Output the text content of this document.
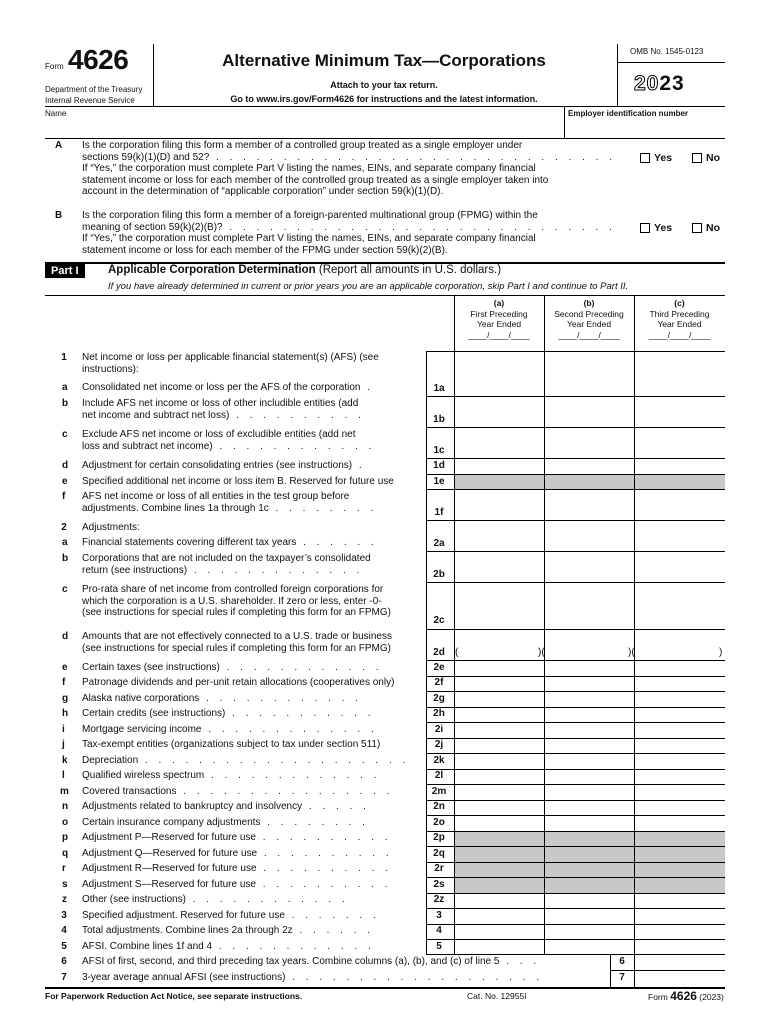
Form 4626
Department of the Treasury
Internal Revenue Service
Alternative Minimum Tax—Corporations
Attach to your tax return.
Go to www.irs.gov/Form4626 for instructions and the latest information.
OMB No. 1545-0123
2023
Name	Employer identification number
A	Is the corporation filing this form a member of a controlled group treated as a single employer under
sections 59(k)(1)(D) and 52? . . . . . . . . . . . . . . . . . . . . . . . . . . . . . .
If “Yes,” the corporation must complete Part V listing the names, EINs, and separate company financial
statement income or loss for each member of the controlled group treated as a single employer taken into
account in the determination of “applicable corporation” under section 59(k)(1)(D).
Yes	No
B	Is the corporation filing this form a member of a foreign-parented multinational group (FPMG) within the
meaning of section 59(k)(2)(B)? . . . . . . . . . . . . . . . . . . . . . . . . . . . . .
If “Yes,” the corporation must complete Part V listing the names, EINs, and separate company financial
statement income or loss for each member of the FPMG under section 59(k)(2)(B).
Yes	No
Part I	Applicable Corporation Determination (Report all amounts in U.S. dollars.)
If you have already determined in current or prior years you are an applicable corporation, skip Part I and continue to Part II.
(a)
First Preceding
Year Ended
____/____/____
(b)
Second Preceding
Year Ended
____/____/____
(c)
Third Preceding
Year Ended
____/____/____
(	)(	)(	)
1	Net income or loss per applicable financial statement(s) (AFS) (see
instructions):
a Consolidated net income or loss per the AFS of the corporation .	1a
b Include AFS net income or loss of other includible entities (add
net income and subtract net loss) . . . . . . . . . .	1b
c Exclude AFS net income or loss of excludible entities (add net
loss and subtract net income) . . . . . . . . . . . .	1c
d Adjustment for certain consolidating entries (see instructions) .	1d
e Specified additional net income or loss item B. Reserved for future use	1e
f AFS net income or loss of all entities in the test group before
adjustments. Combine lines 1a through 1c . . . . . . . .	1f
2	Adjustments:
a Financial statements covering different tax years . . . . . .	2a
b Corporations that are not included on the taxpayer’s consolidated
return (see instructions) . . . . . . . . . . . . .	2b
c Pro-rata share of net income from controlled foreign corporations for
which the corporation is a U.S. shareholder. If zero or less, enter -0-
(see instructions for special rules if completing this form for an FPMG)
2c
d Amounts that are not effectively connected to a U.S. trade or business
(see instructions for special rules if completing this form for an FPMG)	2d
e Certain taxes (see instructions) . . . . . . . . . . . .	2e
f Patronage dividends and per-unit retain allocations (cooperatives only)	2f
g Alaska native corporations . . . . . . . . . . . .	2g
h Certain credits (see instructions) . . . . . . . . . . .	2h
i Mortgage servicing income . . . . . . . . . . . . .	2i
j Tax-exempt entities (organizations subject to tax under section 511)	2j
k Depreciation . . . . . . . . . . . . . . . . . . . .	2k
l Qualified wireless spectrum . . . . . . . . . . . . .	2l
m Covered transactions . . . . . . . . . . . . . . . .	2m
n Adjustments related to bankruptcy and insolvency . . . . .	2n
o Certain insurance company adjustments . . . . . . . .	2o
p Adjustment P—Reserved for future use . . . . . . . . . .	2p
q Adjustment Q—Reserved for future use . . . . . . . . . .	2q
r Adjustment R—Reserved for future use . . . . . . . . . .	2r
s Adjustment S—Reserved for future use . . . . . . . . . .	2s
z Other (see instructions) . . . . . . . . . . . .	2z
3	Specified adjustment. Reserved for future use . . . . . . .	3
4	Total adjustments. Combine lines 2a through 2z . . . . . .	4
5	AFSI. Combine lines 1f and 4 . . . . . . . . . . . .	5
6	AFSI of first, second, and third preceding tax years. Combine columns (a), (b), and (c) of line 5 . . .	6
7	3-year average annual AFSI (see instructions) . . . . . . . . . . . . . . . . . . .	7
For Paperwork Reduction Act Notice, see separate instructions.	Cat. No. 12955I	Form 4626 (2023)
